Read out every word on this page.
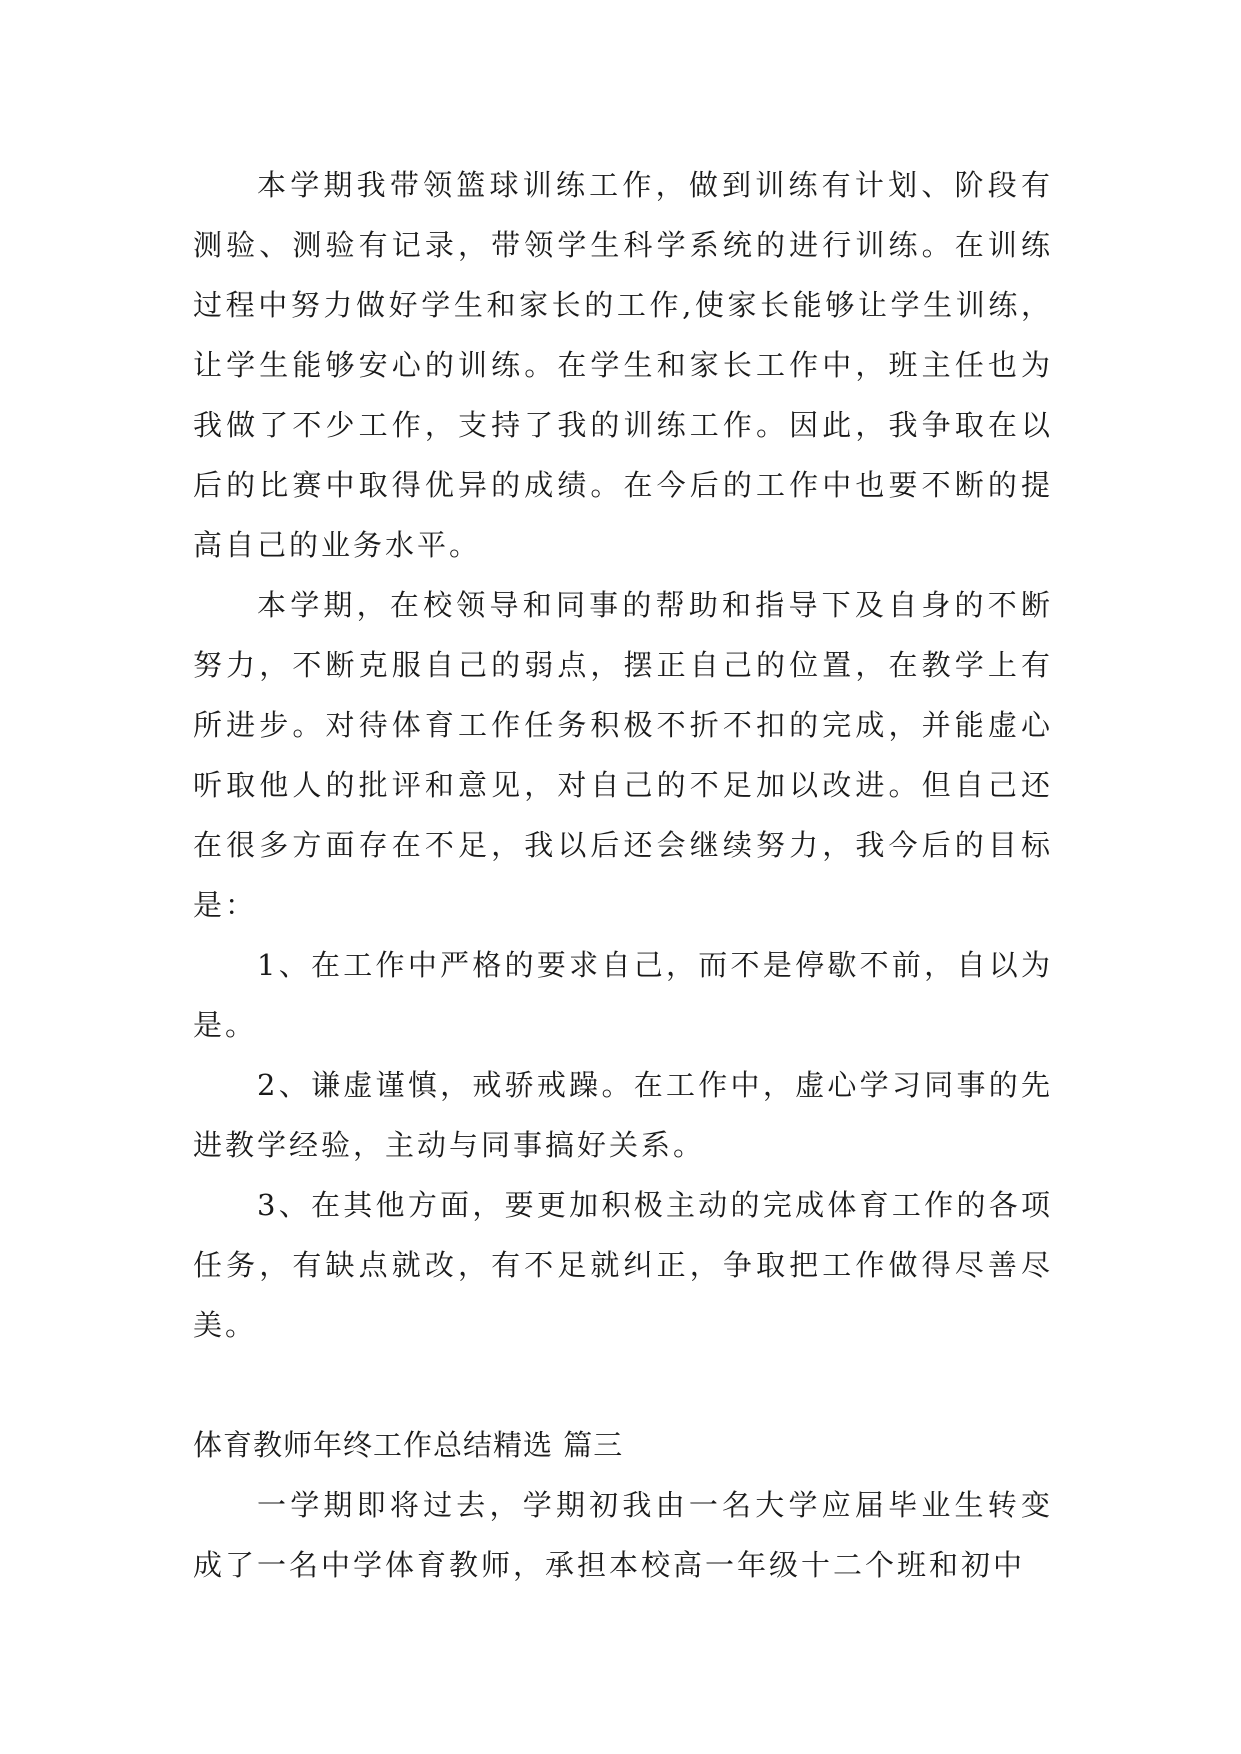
本学期我带领篮球训练工作，做到训练有计划、阶段有测验、测验有记录，带领学生科学系统的进行训练。在训练过程中努力做好学生和家长的工作,使家长能够让学生训练，让学生能够安心的训练。在学生和家长工作中，班主任也为我做了不少工作，支持了我的训练工作。因此，我争取在以后的比赛中取得优异的成绩。在今后的工作中也要不断的提高自己的业务水平。

本学期，在校领导和同事的帮助和指导下及自身的不断努力，不断克服自己的弱点，摆正自己的位置，在教学上有所进步。对待体育工作任务积极不折不扣的完成，并能虚心听取他人的批评和意见，对自己的不足加以改进。但自己还在很多方面存在不足，我以后还会继续努力，我今后的目标是：

1、在工作中严格的要求自己，而不是停歇不前，自以为是。

2、谦虚谨慎，戒骄戒躁。在工作中，虚心学习同事的先进教学经验，主动与同事搞好关系。

3、在其他方面，要更加积极主动的完成体育工作的各项任务，有缺点就改，有不足就纠正，争取把工作做得尽善尽美。

体育教师年终工作总结精选 篇三

一学期即将过去，学期初我由一名大学应届毕业生转变成了一名中学体育教师，承担本校高一年级十二个班和初中
